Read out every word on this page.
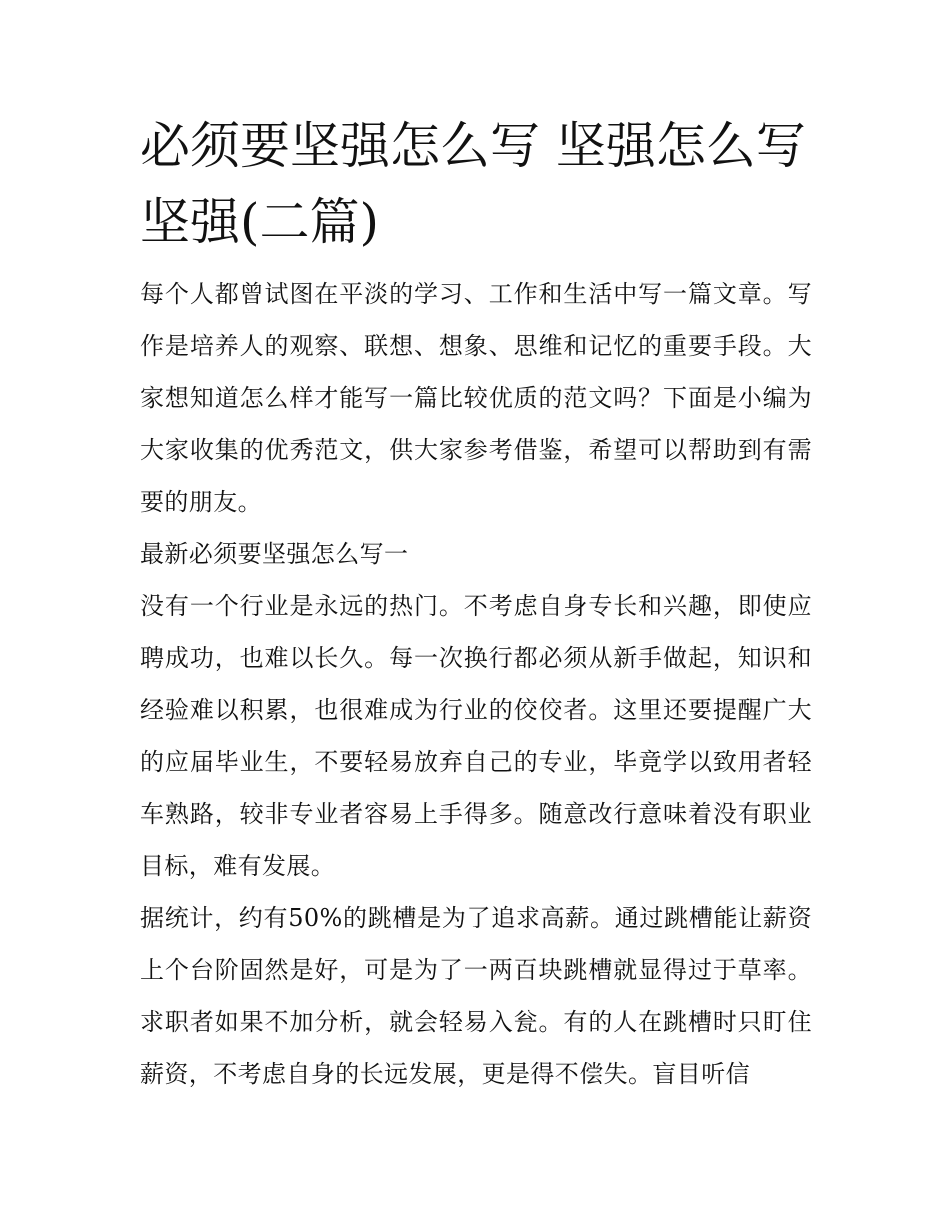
必须要坚强怎么写 坚强怎么写坚强(二篇)

每个人都曾试图在平淡的学习、工作和生活中写一篇文章。写作是培养人的观察、联想、想象、思维和记忆的重要手段。大家想知道怎么样才能写一篇比较优质的范文吗？下面是小编为大家收集的优秀范文，供大家参考借鉴，希望可以帮助到有需要的朋友。

最新必须要坚强怎么写一

没有一个行业是永远的热门。不考虑自身专长和兴趣，即使应聘成功，也难以长久。每一次换行都必须从新手做起，知识和经验难以积累，也很难成为行业的佼佼者。这里还要提醒广大的应届毕业生，不要轻易放弃自己的专业，毕竟学以致用者轻车熟路，较非专业者容易上手得多。随意改行意味着没有职业目标，难有发展。

据统计，约有50%的跳槽是为了追求高薪。通过跳槽能让薪资上个台阶固然是好，可是为了一两百块跳槽就显得过于草率。求职者如果不加分析，就会轻易入瓮。有的人在跳槽时只盯住薪资，不考虑自身的长远发展，更是得不偿失。盲目听信
